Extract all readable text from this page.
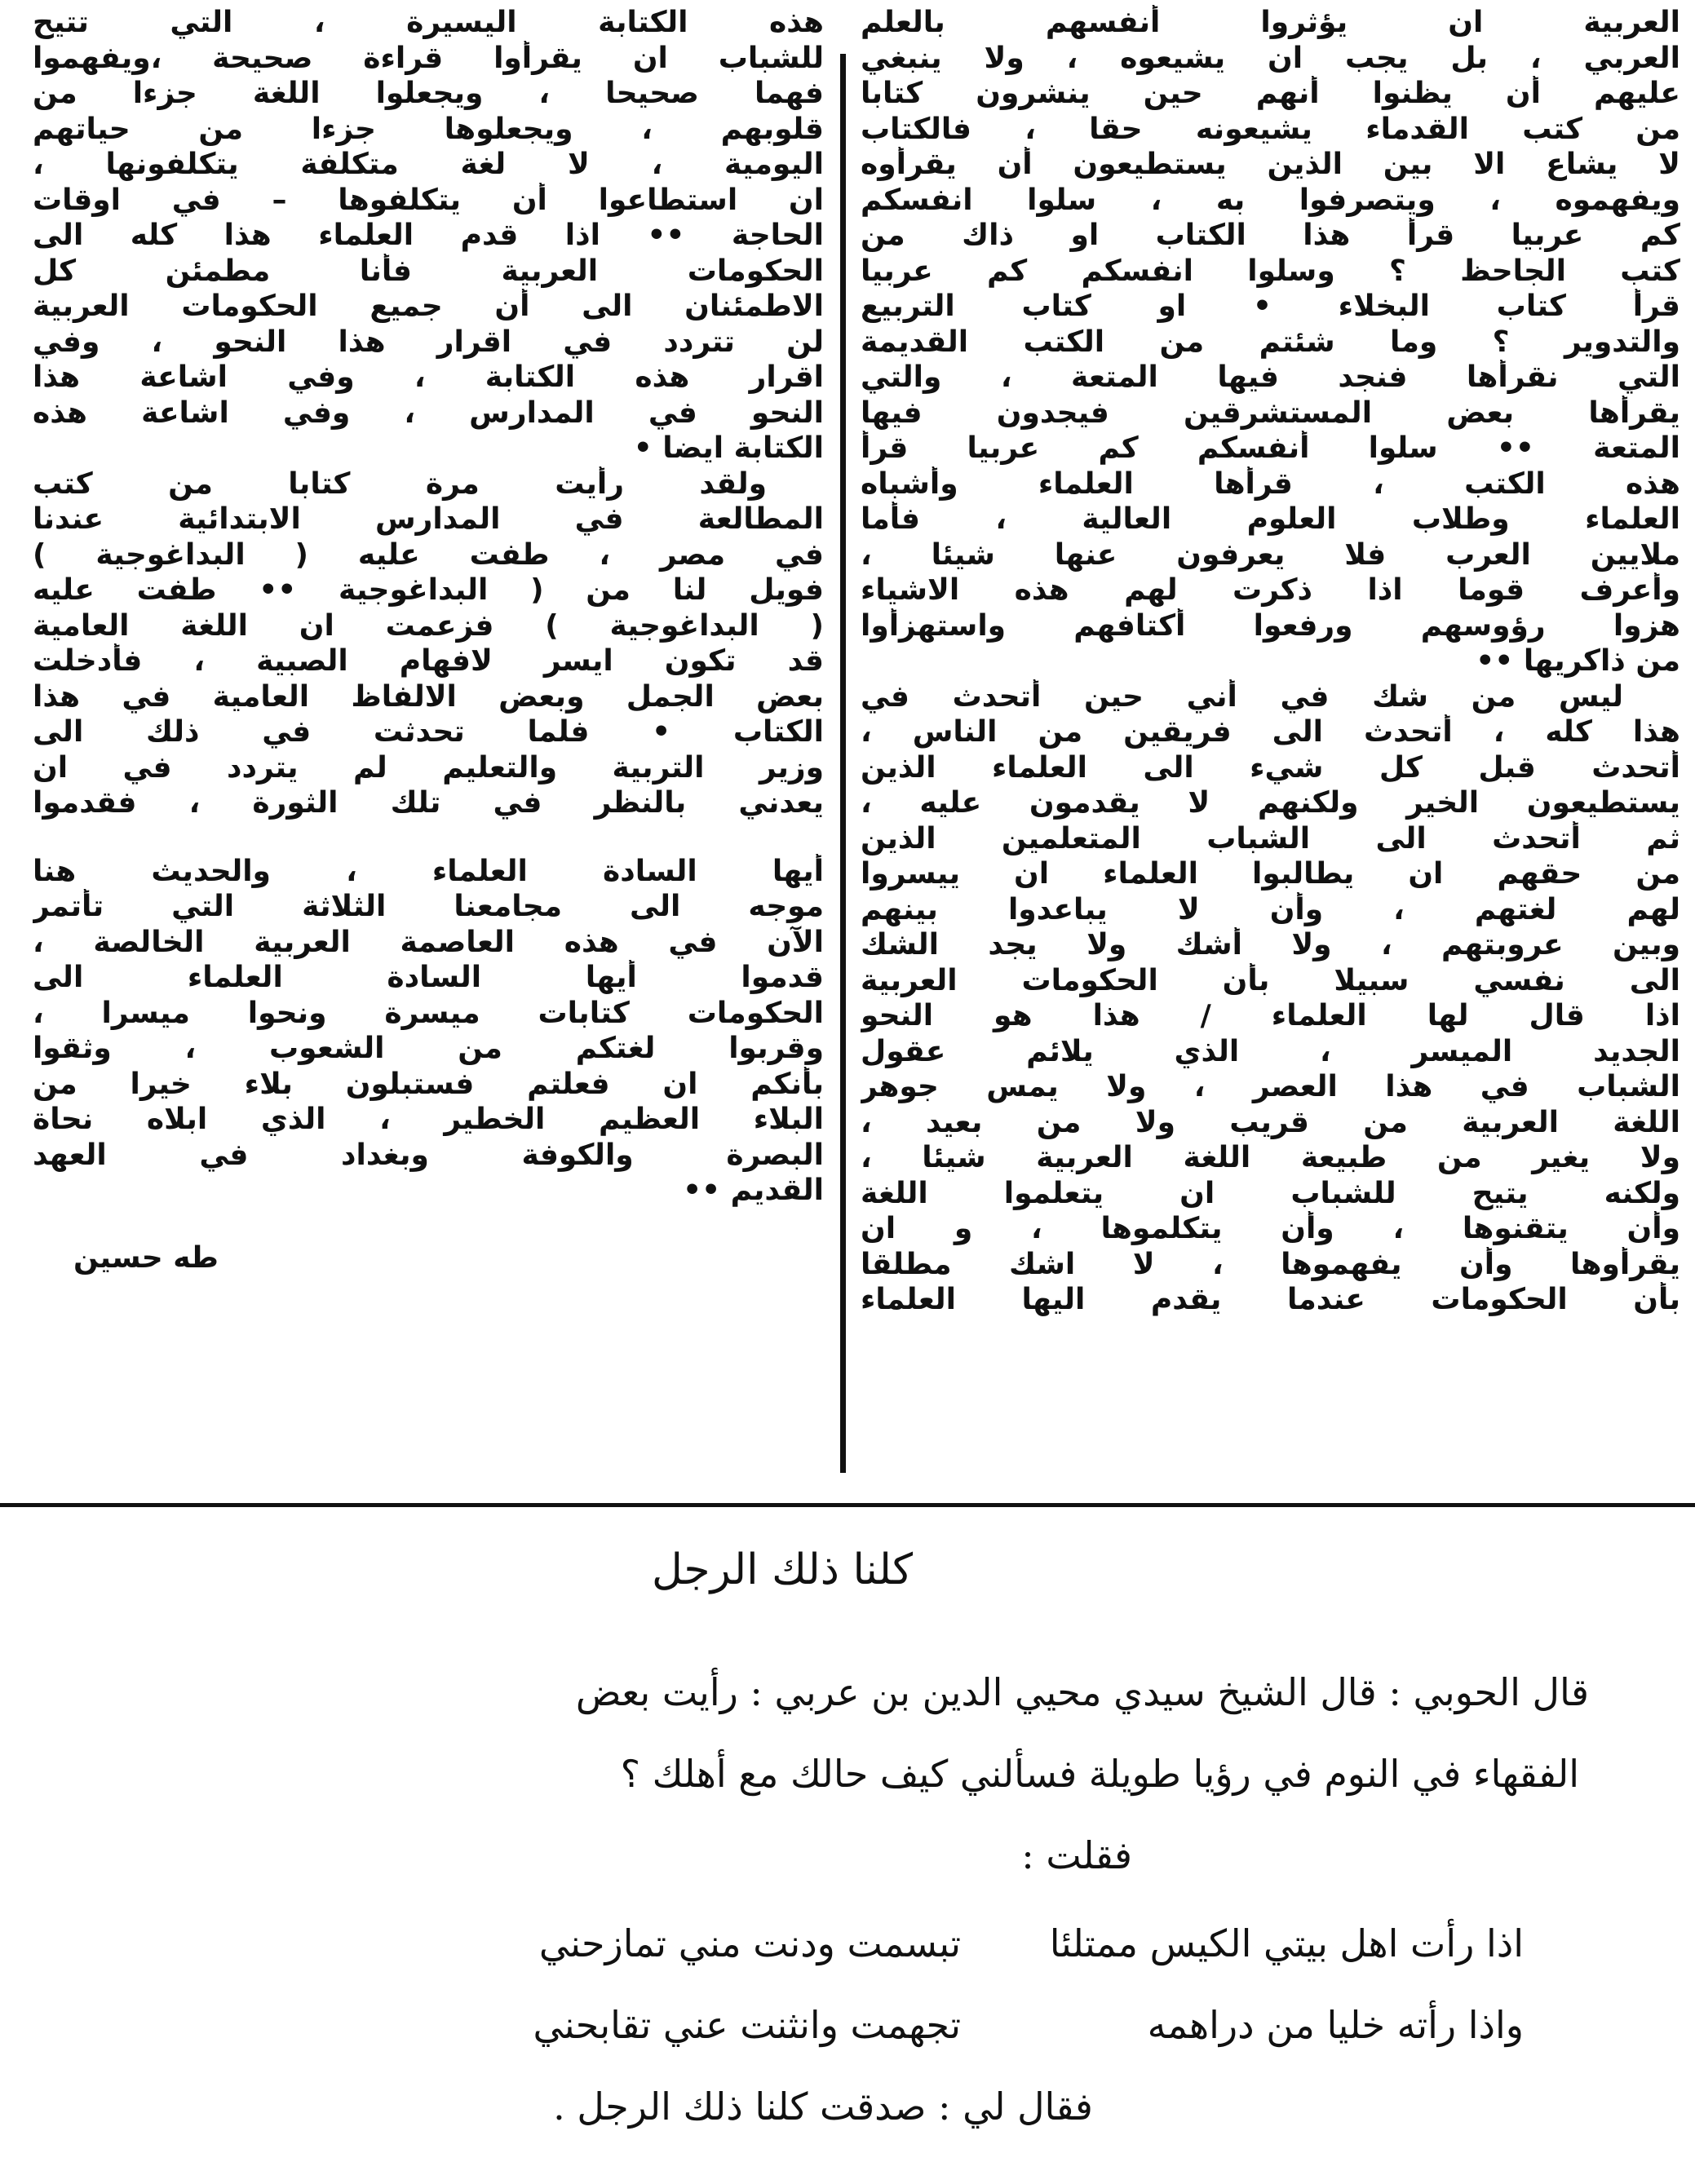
العربية ان يؤثروا أنفسهم بالعلم
العربي ، بل يجب ان يشيعوه ، ولا ينبغي
عليهم أن يظنوا أنهم حين ينشرون كتابا
من كتب القدماء يشيعونه حقا ، فالكتاب
لا يشاع الا بين الذين يستطيعون أن يقرأوه
ويفهموه ، ويتصرفوا به ، سلوا انفسكم
كم عربيا قرأ هذا الكتاب او ذاك من
كتب الجاحظ ؟ وسلوا انفسكم كم عربيا
قرأ كتاب البخلاء • او كتاب التربيع
والتدوير ؟ وما شئتم من الكتب القديمة
التي نقرأها فنجد فيها المتعة ، والتي
يقرأها بعض المستشرقين فيجدون فيها
المتعة •• سلوا أنفسكم كم عربيا قرأ
هذه الكتب ، قرأها العلماء وأشباه
العلماء وطلاب العلوم العالية ، فأما
ملايين العرب فلا يعرفون عنها شيئا ،
وأعرف قوما اذا ذكرت لهم هذه الاشياء
هزوا رؤوسهم ورفعوا أكتافهم واستهزأوا
من ذاكريها ••
ليس من شك في أني حين أتحدث في
هذا كله ، أتحدث الى فريقين من الناس ،
أتحدث قبل كل شيء الى العلماء الذين
يستطيعون الخير ولكنهم لا يقدمون عليه ،
ثم أتحدث الى الشباب المتعلمين الذين
من حقهم ان يطالبوا العلماء ان ييسروا
لهم لغتهم ، وأن لا يباعدوا بينهم
وبين عروبتهم ، ولا أشك ولا يجد الشك
الى نفسي سبيلا بأن الحكومات العربية
اذا قال لها العلماء / هذا هو النحو
الجديد الميسر ، الذي يلائم عقول
الشباب في هذا العصر ، ولا يمس جوهر
اللغة العربية من قريب ولا من بعيد ،
ولا يغير من طبيعة اللغة العربية شيئا ،
ولكنه يتيح للشباب ان يتعلموا اللغة
وأن يتقنوها ، وأن يتكلموها ، و ان
يقرأوها وأن يفهموها ، لا اشك مطلقا
بأن الحكومات عندما يقدم اليها العلماء
هذه الكتابة اليسيرة ، التي تتيح
للشباب ان يقرأوا قراءة صحيحة ،ويفهموا
فهما صحيحا ، ويجعلوا اللغة جزءا من
قلوبهم ، ويجعلوها جزءا من حياتهم
اليومية ، لا لغة متكلفة يتكلفونها ،
ان استطاعوا أن يتكلفوها – في اوقات
الحاجة •• اذا قدم العلماء هذا كله الى
الحكومات العربية فأنا مطمئن كل
الاطمئنان الى أن جميع الحكومات العربية
لن تتردد في اقرار هذا النحو ، وفي
اقرار هذه الكتابة ، وفي اشاعة هذا
النحو في المدارس ، وفي اشاعة هذه
الكتابة ايضا •
ولقد رأيت مرة كتابا من كتب
المطالعة في المدارس الابتدائية عندنا
في مصر ، طفت عليه ( البداغوجية )
فويل لنا من ( البداغوجية •• طفت عليه
( البداغوجية ) فزعمت ان اللغة العامية
قد تكون ايسر لافهام الصبية ، فأدخلت
بعض الجمل وبعض الالفاظ العامية في هذا
الكتاب • فلما تحدثت في ذلك الى
وزير التربية والتعليم لم يتردد في ان
يعدني بالنظر في تلك الثورة ، فقدموا
أيها السادة العلماء ، والحديث هنا
موجه الى مجامعنا الثلاثة التي تأتمر
الآن في هذه العاصمة العربية الخالصة ،
قدموا أيها السادة العلماء الى
الحكومات كتابات ميسرة ونحوا ميسرا ،
وقربوا لغتكم من الشعوب ، وثقوا
بأنكم ان فعلتم فستبلون بلاء خيرا من
البلاء العظيم الخطير ، الذي ابلاه نحاة
البصرة والكوفة وبغداد في العهد
القديم ••
طه حسين
كلنا ذلك الرجل
قال الحوبي : قال الشيخ سيدي محيي الدين بن عربي : رأيت بعض
الفقهاء في النوم في رؤيا طويلة فسألني كيف حالك مع أهلك ؟
فقلت :
اذا رأت اهل بيتي الكيس ممتلئا
تبسمت ودنت مني تمازحني
واذا رأته خليا من دراهمه
تجهمت وانثنت عني تقابحني
فقال لي : صدقت كلنا ذلك الرجل .
